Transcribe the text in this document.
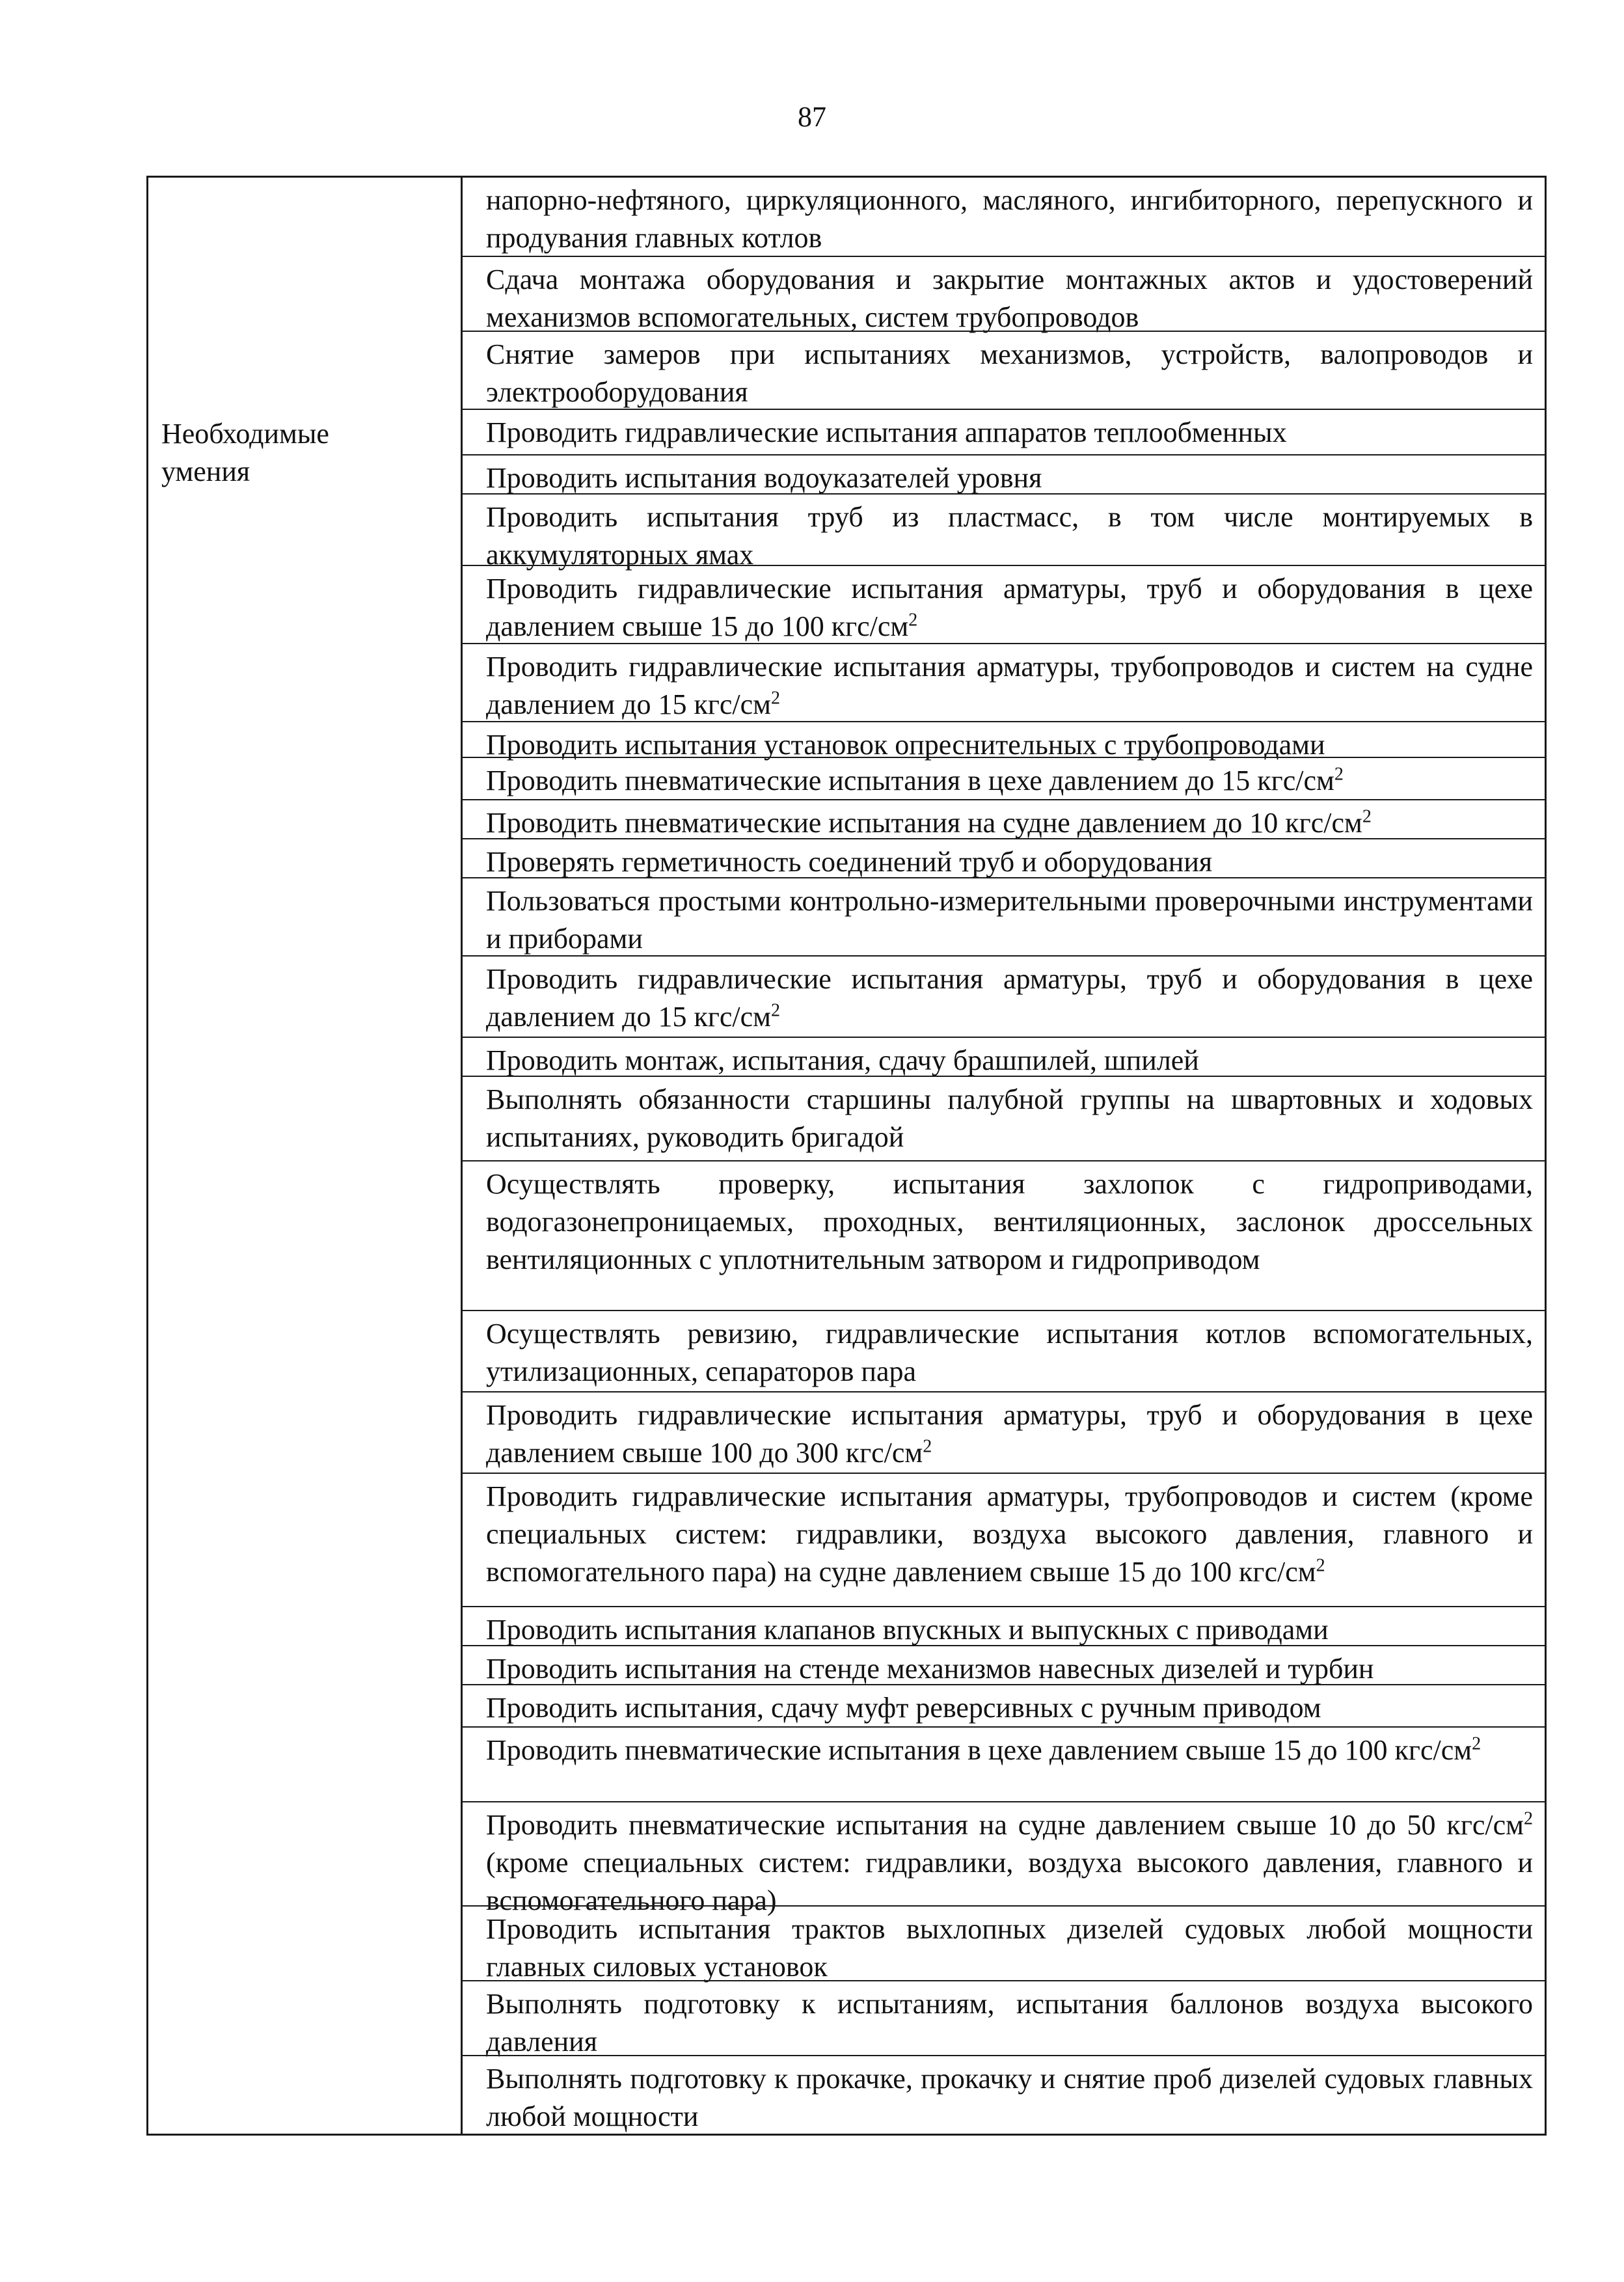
87
Необходимые
умения
напорно-нефтяного, циркуляционного, масляного, ингибиторного, перепускного и продувания главных котлов
Сдача монтажа оборудования и закрытие монтажных актов и удостоверений механизмов вспомогательных, систем трубопроводов
Снятие замеров при испытаниях механизмов, устройств, валопроводов и электрооборудования
Проводить гидравлические испытания аппаратов теплообменных
Проводить испытания водоуказателей уровня
Проводить испытания труб из пластмасс, в том числе монтируемых в аккумуляторных ямах
Проводить гидравлические испытания арматуры, труб и оборудования в цехе давлением свыше 15 до 100 кгс/$см^2$
Проводить гидравлические испытания арматуры, трубопроводов и систем на судне давлением до 15 кгс/$см^2$
Проводить испытания установок опреснительных с трубопроводами
Проводить пневматические испытания в цехе давлением до 15 кгс/$см^2$
Проводить пневматические испытания на судне давлением до 10 кгс/$см^2$
Проверять герметичность соединений труб и оборудования
Пользоваться простыми контрольно-измерительными проверочными инструментами и приборами
Проводить гидравлические испытания арматуры, труб и оборудования в цехе давлением до 15 кгс/$см^2$
Проводить монтаж, испытания, сдачу брашпилей, шпилей
Выполнять обязанности старшины палубной группы на швартовных и ходовых испытаниях, руководить бригадой
Осуществлять проверку, испытания захлопок с гидроприводами, водогазонепроницаемых, проходных, вентиляционных, заслонок дроссельных вентиляционных с уплотнительным затвором и гидроприводом
Осуществлять ревизию, гидравлические испытания котлов вспомогательных, утилизационных, сепараторов пара
Проводить гидравлические испытания арматуры, труб и оборудования в цехе давлением свыше 100 до 300 кгс/$см^2$
Проводить гидравлические испытания арматуры, трубопроводов и систем (кроме специальных систем: гидравлики, воздуха высокого давления, главного и вспомогательного пара) на судне давлением свыше 15 до 100 кгс/$см^2$
Проводить испытания клапанов впускных и выпускных с приводами
Проводить испытания на стенде механизмов навесных дизелей и турбин
Проводить испытания, сдачу муфт реверсивных с ручным приводом
Проводить пневматические испытания в цехе давлением свыше 15 до 100 кгс/$см^2$
Проводить пневматические испытания на судне давлением свыше 10 до 50 кгс/$см^2$ (кроме специальных систем: гидравлики, воздуха высокого давления, главного и вспомогательного пара)
Проводить испытания трактов выхлопных дизелей судовых любой мощности главных силовых установок
Выполнять подготовку к испытаниям, испытания баллонов воздуха высокого давления
Выполнять подготовку к прокачке, прокачку и снятие проб дизелей судовых главных любой мощности
